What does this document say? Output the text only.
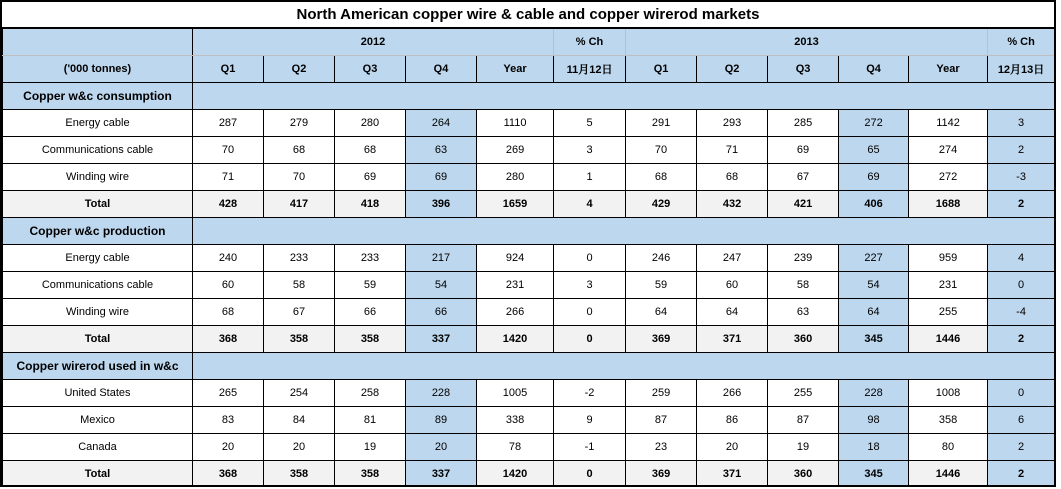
North American copper wire & cable and copper wirerod markets
	2012					% Ch	2013					% Ch
('000 tonnes)	Q1	Q2	Q3	Q4	Year	11月12日	Q1	Q2	Q3	Q4	Year	12月13日
Copper w&c consumption												
Energy cable	287	279	280	264	1110	5	291	293	285	272	1142	3
Communications cable	70	68	68	63	269	3	70	71	69	65	274	2
Winding wire	71	70	69	69	280	1	68	68	67	69	272	-3
Total	428	417	418	396	1659	4	429	432	421	406	1688	2
Copper w&c production												
Energy cable	240	233	233	217	924	0	246	247	239	227	959	4
Communications cable	60	58	59	54	231	3	59	60	58	54	231	0
Winding wire	68	67	66	66	266	0	64	64	63	64	255	-4
Total	368	358	358	337	1420	0	369	371	360	345	1446	2
Copper wirerod used in w&c												
United States	265	254	258	228	1005	-2	259	266	255	228	1008	0
Mexico	83	84	81	89	338	9	87	86	87	98	358	6
Canada	20	20	19	20	78	-1	23	20	19	18	80	2
Total	368	358	358	337	1420	0	369	371	360	345	1446	2
